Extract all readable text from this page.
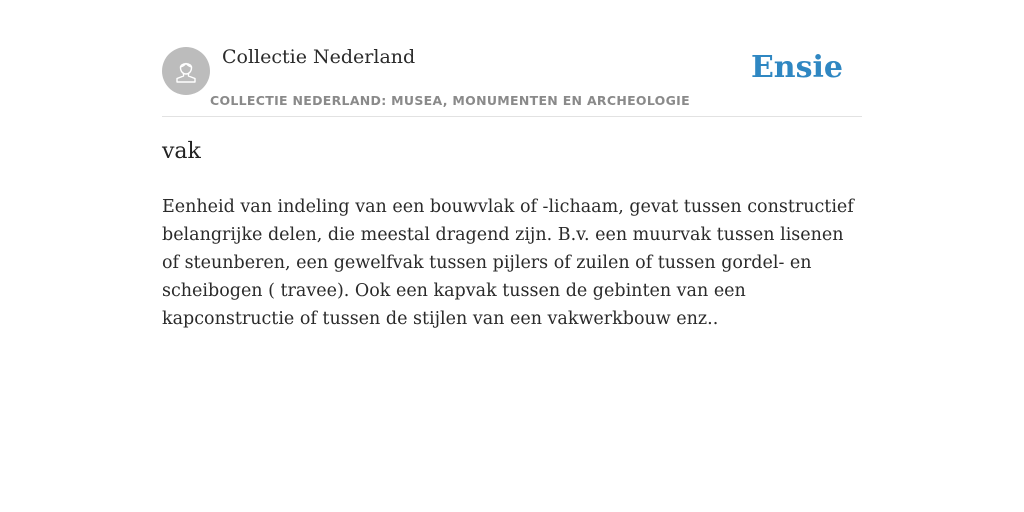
Collectie Nederland
COLLECTIE NEDERLAND: MUSEA, MONUMENTEN EN ARCHEOLOGIE
Ensie
vak

Eenheid van indeling van een bouwvlak of -lichaam, gevat tussen constructief belangrijke delen, die meestal dragend zijn. B.v. een muurvak tussen lisenen of steunberen, een gewelfvak tussen pijlers of zuilen of tussen gordel- en scheibogen ( travee). Ook een kapvak tussen de gebinten van een kapconstructie of tussen de stijlen van een vakwerkbouw enz..
